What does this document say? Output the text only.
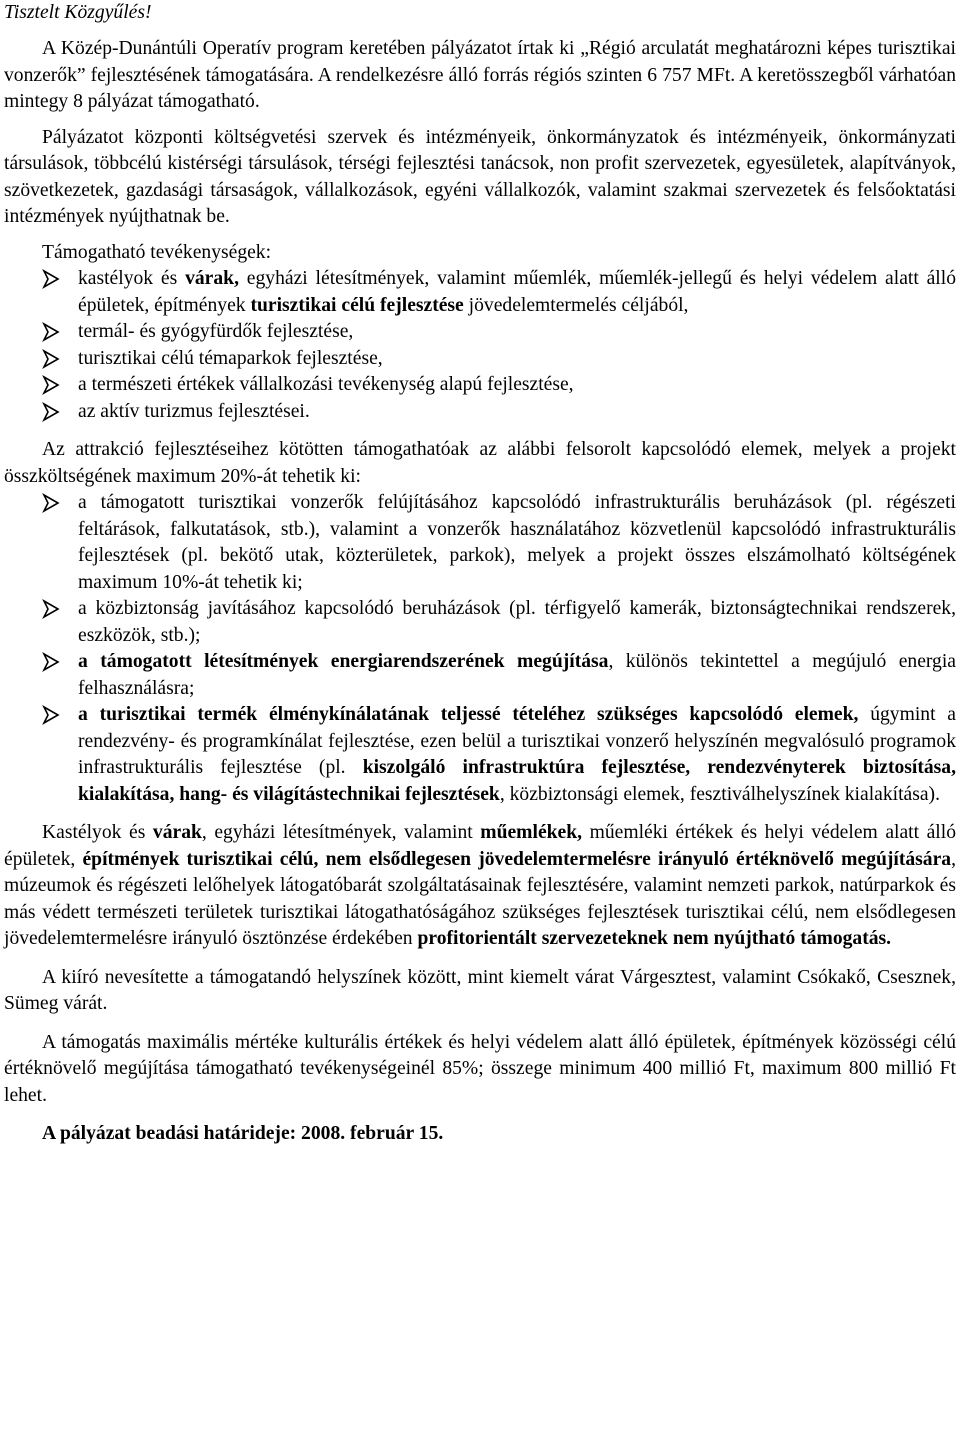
Tisztelt Közgyűlés!

A Közép-Dunántúli Operatív program keretében pályázatot írtak ki „Régió arculatát meghatározni képes turisztikai vonzerők” fejlesztésének támogatására. A rendelkezésre álló forrás régiós szinten 6 757 MFt. A keretösszegből várhatóan mintegy 8 pályázat támogatható.

Pályázatot központi költségvetési szervek és intézményeik, önkormányzatok és intézményeik, önkormányzati társulások, többcélú kistérségi társulások, térségi fejlesztési tanácsok, non profit szervezetek, egyesületek, alapítványok, szövetkezetek, gazdasági társaságok, vállalkozások, egyéni vállalkozók, valamint szakmai szervezetek és felsőoktatási intézmények nyújthatnak be.

Támogatható tevékenységek:

kastélyok és várak, egyházi létesítmények, valamint műemlék, műemlék-jellegű és helyi védelem alatt álló épületek, építmények turisztikai célú fejlesztése jövedelemtermelés céljából,
termál- és gyógyfürdők fejlesztése,
turisztikai célú témaparkok fejlesztése,
a természeti értékek vállalkozási tevékenység alapú fejlesztése,
az aktív turizmus fejlesztései.

Az attrakció fejlesztéseihez kötötten támogathatóak az alábbi felsorolt kapcsolódó elemek, melyek a projekt összköltségének maximum 20%-át tehetik ki:

a támogatott turisztikai vonzerők felújításához kapcsolódó infrastrukturális beruházások (pl. régészeti feltárások, falkutatások, stb.), valamint a vonzerők használatához közvetlenül kapcsolódó infrastrukturális fejlesztések (pl. bekötő utak, közterületek, parkok), melyek a projekt összes elszámolható költségének maximum 10%-át tehetik ki;
a közbiztonság javításához kapcsolódó beruházások (pl. térfigyelő kamerák, biztonságtechnikai rendszerek, eszközök, stb.);
a támogatott létesítmények energiarendszerének megújítása, különös tekintettel a megújuló energia felhasználásra;
a turisztikai termék élménykínálatának teljessé tételéhez szükséges kapcsolódó elemek, úgymint a rendezvény- és programkínálat fejlesztése, ezen belül a turisztikai vonzerő helyszínén megvalósuló programok infrastrukturális fejlesztése (pl. kiszolgáló infrastruktúra fejlesztése, rendezvényterek biztosítása, kialakítása, hang- és világítástechnikai fejlesztések, közbiztonsági elemek, fesztiválhelyszínek kialakítása).

Kastélyok és várak, egyházi létesítmények, valamint műemlékek, műemléki értékek és helyi védelem alatt álló épületek, építmények turisztikai célú, nem elsődlegesen jövedelemtermelésre irányuló értéknövelő megújítására, múzeumok és régészeti lelőhelyek látogatóbarát szolgáltatásainak fejlesztésére, valamint nemzeti parkok, natúrparkok és más védett természeti területek turisztikai látogathatóságához szükséges fejlesztések turisztikai célú, nem elsődlegesen jövedelemtermelésre irányuló ösztönzése érdekében profitorientált szervezeteknek nem nyújtható támogatás.

A kiíró nevesítette a támogatandó helyszínek között, mint kiemelt várat Várgesztest, valamint Csókakő, Csesznek, Sümeg várát.

A támogatás maximális mértéke kulturális értékek és helyi védelem alatt álló épületek, építmények közösségi célú értéknövelő megújítása támogatható tevékenységeinél 85%; összege minimum 400 millió Ft, maximum 800 millió Ft lehet.

A pályázat beadási határideje: 2008. február 15.
